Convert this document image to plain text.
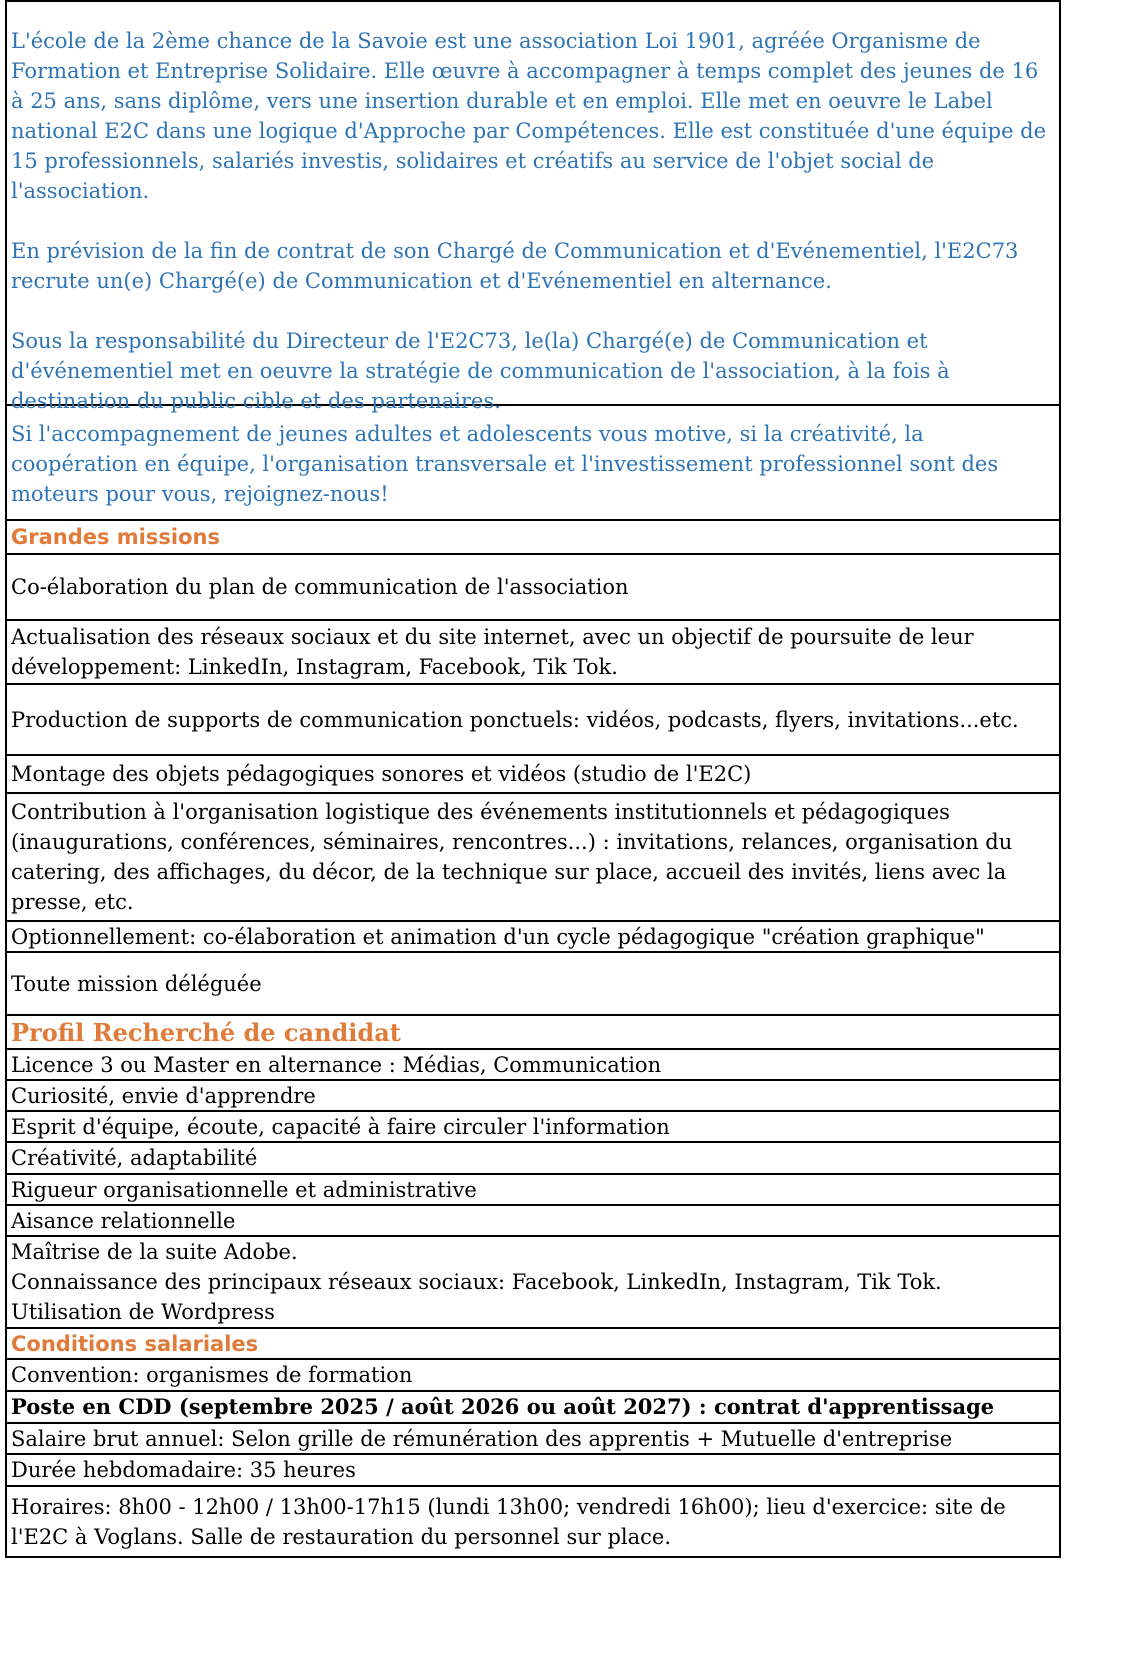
L'école de la 2ème chance de la Savoie est une association Loi 1901, agréée Organisme de Formation et Entreprise Solidaire. Elle œuvre à accompagner à temps complet des jeunes de 16 à 25 ans, sans diplôme, vers une insertion durable et en emploi. Elle met en oeuvre le Label national E2C dans une logique d'Approche par Compétences. Elle est constituée d'une équipe de 15 professionnels, salariés investis, solidaires et créatifs au service de l'objet social de l'association.

En prévision de la fin de contrat de son Chargé de Communication et d'Evénementiel, l'E2C73 recrute un(e) Chargé(e) de Communication et d'Evénementiel en alternance.

Sous la responsabilité du Directeur de l'E2C73, le(la) Chargé(e) de Communication et d'événementiel met en oeuvre la stratégie de communication de l'association, à la fois à destination du public cible et des partenaires.

Si l'accompagnement de jeunes adultes et adolescents vous motive, si la créativité, la coopération en équipe, l'organisation transversale et l'investissement professionnel sont des moteurs pour vous, rejoignez-nous!

Grandes missions
Co-élaboration du plan de communication de l'association
Actualisation des réseaux sociaux et du site internet, avec un objectif de poursuite de leur développement: LinkedIn, Instagram, Facebook, Tik Tok.
Production de supports de communication ponctuels: vidéos, podcasts, flyers, invitations...etc.
Montage des objets pédagogiques sonores et vidéos (studio de l'E2C)
Contribution à l'organisation logistique des événements institutionnels et pédagogiques (inaugurations, conférences, séminaires, rencontres...) : invitations, relances, organisation du catering, des affichages, du décor, de la technique sur place, accueil des invités, liens avec la presse, etc.
Optionnellement: co-élaboration et animation d'un cycle pédagogique "création graphique"
Toute mission déléguée
Profil Recherché de candidat
Licence 3 ou Master en alternance : Médias, Communication
Curiosité, envie d'apprendre
Esprit d'équipe, écoute, capacité à faire circuler l'information
Créativité, adaptabilité
Rigueur organisationnelle et administrative
Aisance relationnelle
Maîtrise de la suite Adobe.
Connaissance des principaux réseaux sociaux: Facebook, LinkedIn, Instagram, Tik Tok.
Utilisation de Wordpress
Conditions salariales
Convention: organismes de formation
Poste en CDD (septembre 2025 / août 2026 ou août 2027) : contrat d'apprentissage
Salaire brut annuel: Selon grille de rémunération des apprentis + Mutuelle d'entreprise
Durée hebdomadaire: 35 heures
Horaires: 8h00 - 12h00 / 13h00-17h15 (lundi 13h00; vendredi 16h00); lieu d'exercice: site de l'E2C à Voglans. Salle de restauration du personnel sur place.
